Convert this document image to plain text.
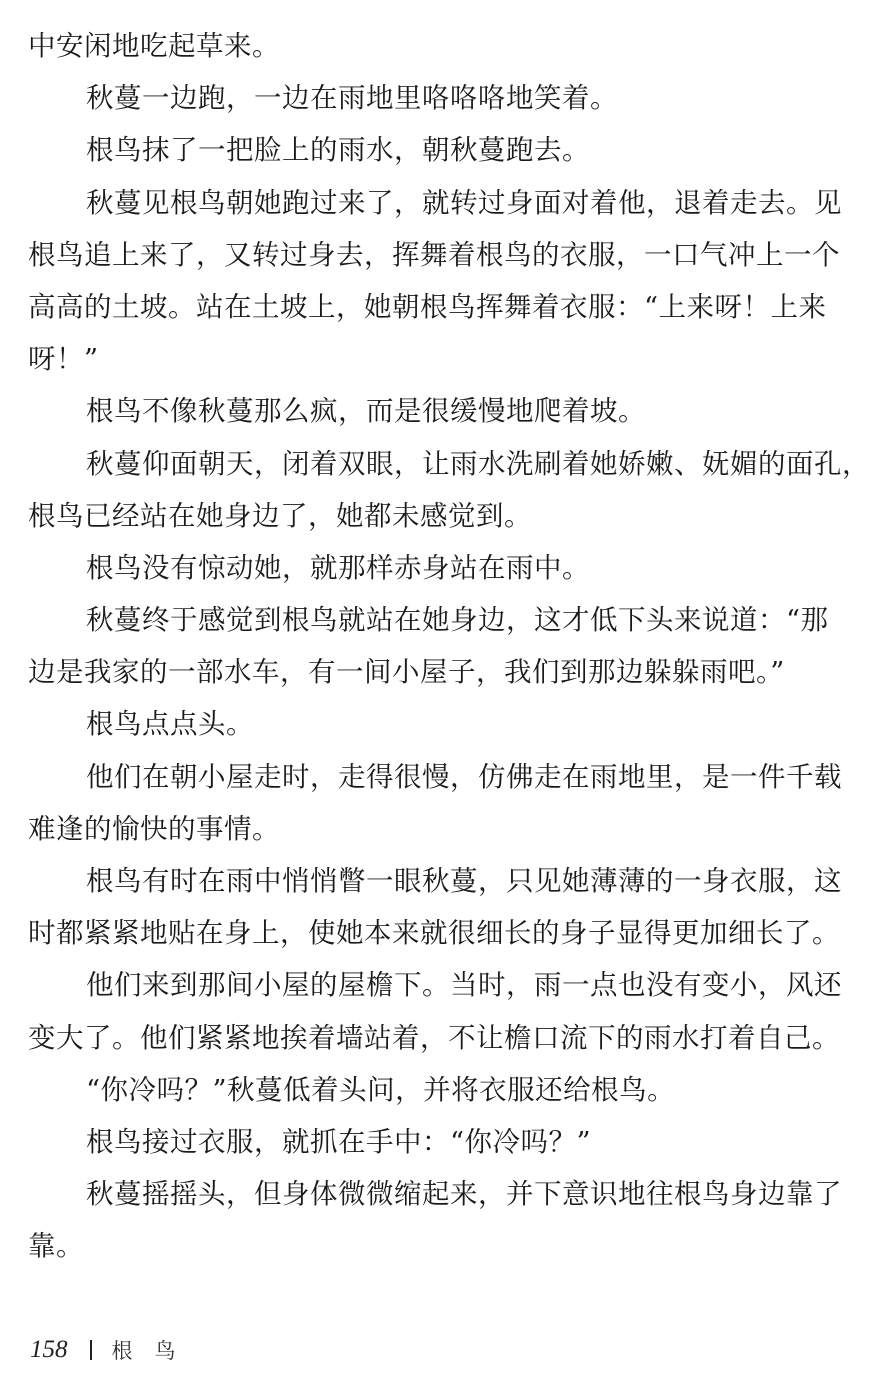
中安闲地吃起草来。
秋蔓一边跑，一边在雨地里咯咯咯地笑着。
根鸟抹了一把脸上的雨水，朝秋蔓跑去。
秋蔓见根鸟朝她跑过来了，就转过身面对着他，退着走去。见
根鸟追上来了，又转过身去，挥舞着根鸟的衣服，一口气冲上一个
高高的土坡。站在土坡上，她朝根鸟挥舞着衣服：“上来呀！上来
呀！”
根鸟不像秋蔓那么疯，而是很缓慢地爬着坡。
秋蔓仰面朝天，闭着双眼，让雨水洗刷着她娇嫩、妩媚的面孔，
根鸟已经站在她身边了，她都未感觉到。
根鸟没有惊动她，就那样赤身站在雨中。
秋蔓终于感觉到根鸟就站在她身边，这才低下头来说道：“那
边是我家的一部水车，有一间小屋子，我们到那边躲躲雨吧。”
根鸟点点头。
他们在朝小屋走时，走得很慢，仿佛走在雨地里，是一件千载
难逢的愉快的事情。
根鸟有时在雨中悄悄瞥一眼秋蔓，只见她薄薄的一身衣服，这
时都紧紧地贴在身上，使她本来就很细长的身子显得更加细长了。
他们来到那间小屋的屋檐下。当时，雨一点也没有变小，风还
变大了。他们紧紧地挨着墙站着，不让檐口流下的雨水打着自己。
“你冷吗？”秋蔓低着头问，并将衣服还给根鸟。
根鸟接过衣服，就抓在手中：“你冷吗？”
秋蔓摇摇头，但身体微微缩起来，并下意识地往根鸟身边靠了
靠。
158 根鸟
